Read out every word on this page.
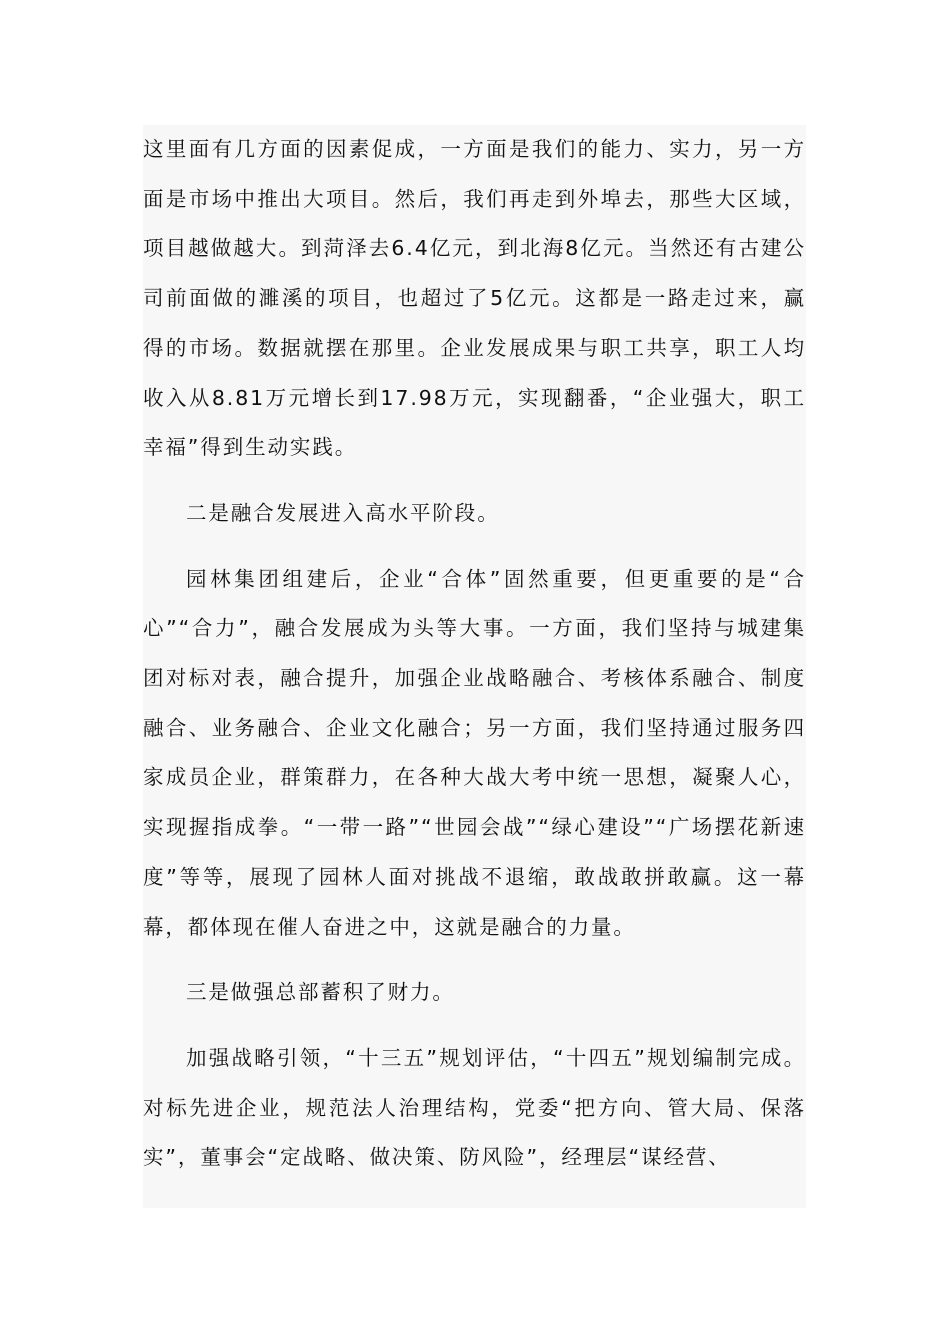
这里面有几方面的因素促成，一方面是我们的能力、实力，另一方面是市场中推出大项目。然后，我们再走到外埠去，那些大区域，项目越做越大。到菏泽去6.4亿元，到北海8亿元。当然还有古建公司前面做的濉溪的项目，也超过了5亿元。这都是一路走过来，赢得的市场。数据就摆在那里。企业发展成果与职工共享，职工人均收入从8.81万元增长到17.98万元，实现翻番，“企业强大，职工幸福”得到生动实践。

二是融合发展进入高水平阶段。

园林集团组建后，企业“合体”固然重要，但更重要的是“合心”“合力”，融合发展成为头等大事。一方面，我们坚持与城建集团对标对表，融合提升，加强企业战略融合、考核体系融合、制度融合、业务融合、企业文化融合；另一方面，我们坚持通过服务四家成员企业，群策群力，在各种大战大考中统一思想，凝聚人心，实现握指成拳。“一带一路”“世园会战”“绿心建设”“广场摆花新速度”等等，展现了园林人面对挑战不退缩，敢战敢拼敢赢。这一幕幕，都体现在催人奋进之中，这就是融合的力量。

三是做强总部蓄积了财力。

加强战略引领，“十三五”规划评估，“十四五”规划编制完成。对标先进企业，规范法人治理结构，党委“把方向、管大局、保落实”，董事会“定战略、做决策、防风险”，经理层“谋经营、
